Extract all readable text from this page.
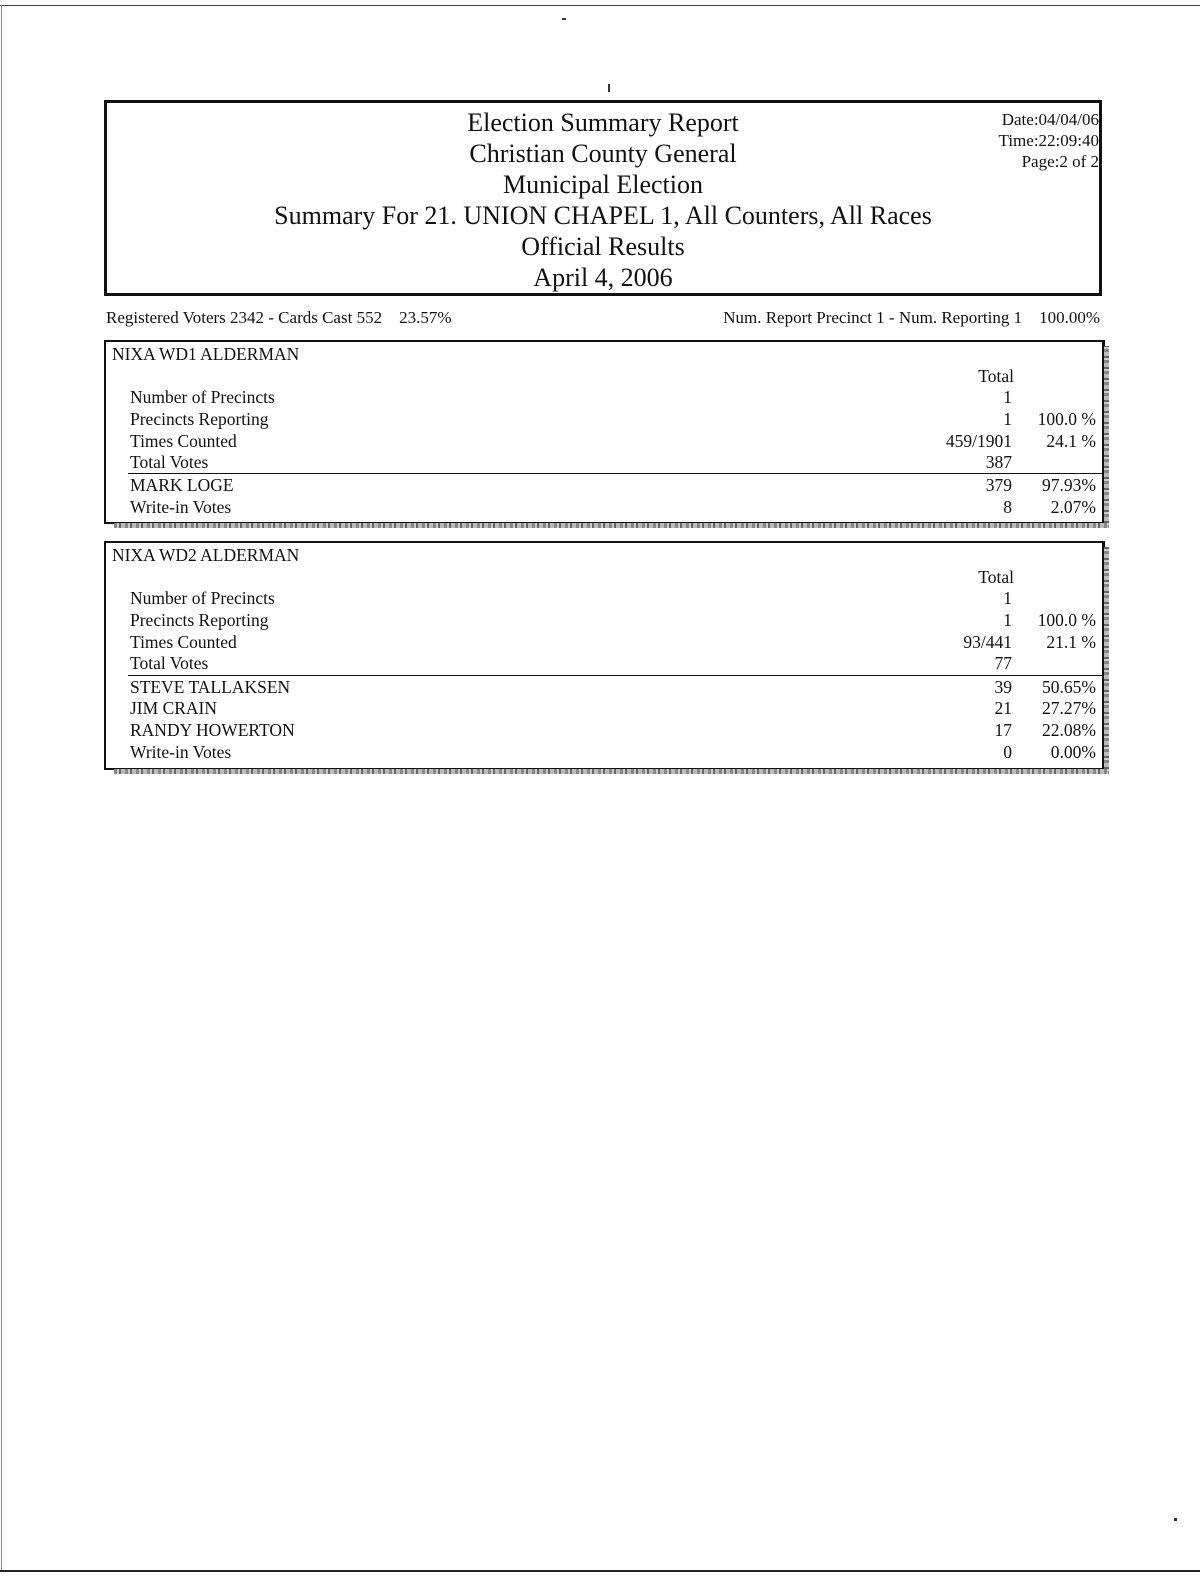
Election Summary Report
Christian County General
Municipal Election
Summary For 21. UNION CHAPEL 1, All Counters, All Races
Official Results
April 4, 2006
Date:04/04/06
Time:22:09:40
Page:2 of 2
Registered Voters 2342 - Cards Cast 552    23.57%	Num. Report Precinct 1 - Num. Reporting 1    100.00%
NIXA WD1 ALDERMAN
Total
Number of Precincts	1
Precincts Reporting	1 100.0 %
Times Counted	459/1901 24.1 %
Total Votes	387
MARK LOGE	379 97.93%
Write-in Votes	8 2.07%
NIXA WD2 ALDERMAN
Total
Number of Precincts	1
Precincts Reporting	1 100.0 %
Times Counted	93/441 21.1 %
Total Votes	77
STEVE TALLAKSEN	39 50.65%
JIM CRAIN	21 27.27%
RANDY HOWERTON	17 22.08%
Write-in Votes	0 0.00%
